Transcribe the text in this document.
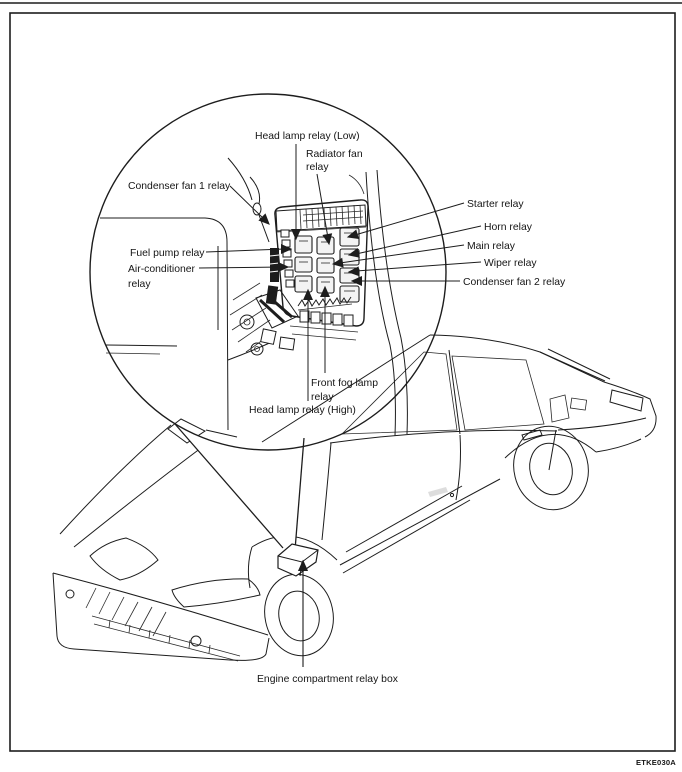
Head lamp relay (Low)
Radiator fan
relay
Condenser fan 1 relay
Fuel pump relay
Air-conditioner
relay
Starter relay
Horn relay
Main relay
Wiper relay
Condenser fan 2 relay
Front fog lamp
relay
Head lamp relay (High)
Engine compartment relay box
ETKE030A
